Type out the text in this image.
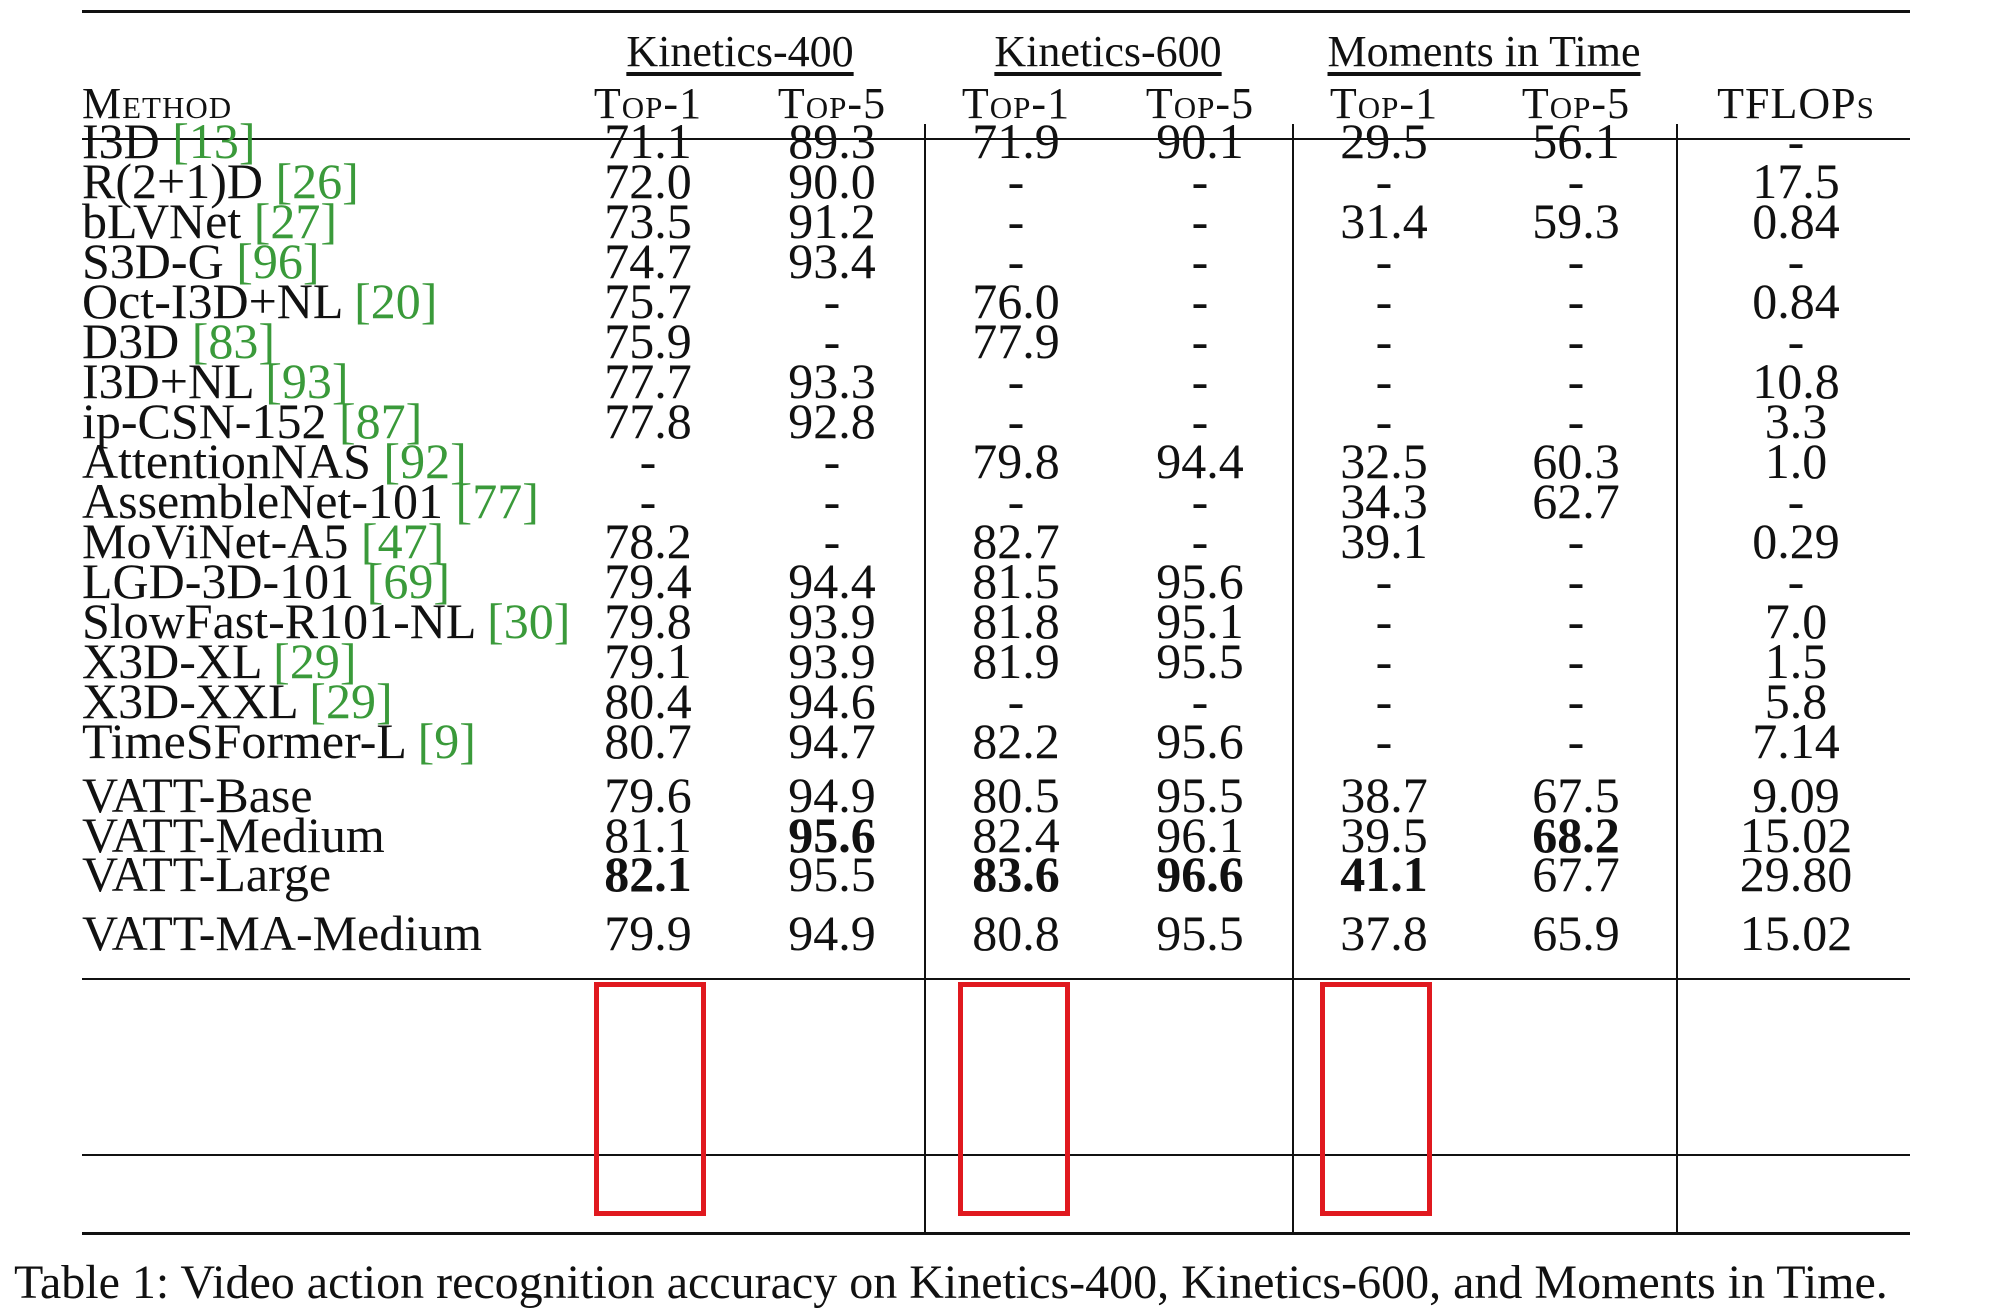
Kinetics-400	Kinetics-600 Moments in Time
Method	Top-1 Top-5 Top-1 Top-5 Top-1 Top-5 TFLOPs
I3D [13]	71.1 89.3 71.9 90.1 29.5 56.1	-
R(2+1)D [26]	72.0 90.0	-	-	-	-	17.5
bLVNet [27]	73.5 91.2	-	-	31.4 59.3	0.84
S3D-G [96]	74.7 93.4	-	-	-	-	-
Oct-I3D+NL [20]	75.7	-	76.0	-	-	-	0.84
D3D [83]	75.9	-	77.9	-	-	-	-
I3D+NL [93]	77.7 93.3	-	-	-	-	10.8
ip-CSN-152 [87]	77.8 92.8	-	-	-	-	3.3
AttentionNAS [92]	-	-	79.8 94.4 32.5 60.3	1.0
AssembleNet-101 [77] -	-	-	-	34.3 62.7	-
MoViNet-A5 [47]	78.2	-	82.7	-	39.1	-	0.29
LGD-3D-101 [69]	79.4 94.4 81.5 95.6	-	-	-
SlowFast-R101-NL [30] 79.8 93.9 81.8 95.1	-	-	7.0
X3D-XL [29]	79.1 93.9 81.9 95.5	-	-	1.5
X3D-XXL [29]	80.4 94.6	-	-	-	-	5.8
TimeSFormer-L [9]	80.7 94.7 82.2 95.6	-	-	7.14
VATT-Base	79.6 94.9 80.5 95.5 38.7 67.5	9.09
VATT-Medium	81.1 95.6 82.4 96.1 39.5 68.2 15.02
VATT-Large	82.1 95.5 83.6 96.6 41.1 67.7 29.80
VATT-MA-Medium 79.9 94.9 80.8 95.5 37.8 65.9 15.02
Table 1: Video action recognition accuracy on Kinetics-400, Kinetics-600, and Moments in Time.
